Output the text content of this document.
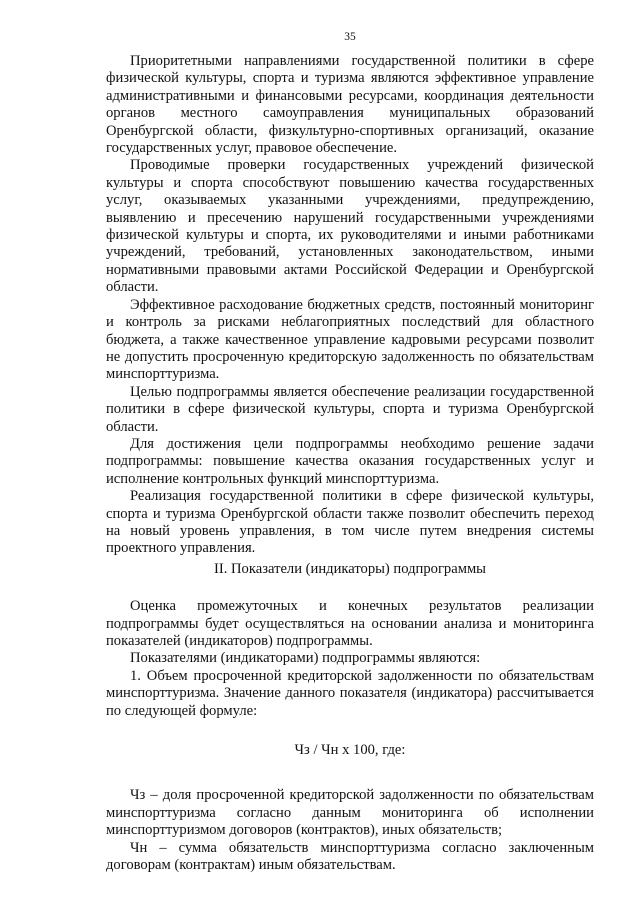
35

Приоритетными направлениями государственной политики в сфере физической культуры, спорта и туризма являются эффективное управление административными и финансовыми ресурсами, координация деятельности органов местного самоуправления муниципальных образований Оренбургской области, физкультурно-спортивных организаций, оказание государственных услуг, правовое обеспечение.

Проводимые проверки государственных учреждений физической культуры и спорта способствуют повышению качества государственных услуг, оказываемых указанными учреждениями, предупреждению, выявлению и пресечению нарушений государственными учреждениями физической культуры и спорта, их руководителями и иными работниками учреждений, требований, установленных законодательством, иными нормативными правовыми актами Российской Федерации и Оренбургской области.

Эффективное расходование бюджетных средств, постоянный мониторинг и контроль за рисками неблагоприятных последствий для областного бюджета, а также качественное управление кадровыми ресурсами позволит не допустить просроченную кредиторскую задолженность по обязательствам минспорттуризма.

Целью подпрограммы является обеспечение реализации государственной политики в сфере физической культуры, спорта и туризма Оренбургской области.

Для достижения цели подпрограммы необходимо решение задачи подпрограммы: повышение качества оказания государственных услуг и исполнение контрольных функций минспорттуризма.

Реализация государственной политики в сфере физической культуры, спорта и туризма Оренбургской области также позволит обеспечить переход на новый уровень управления, в том числе путем внедрения системы проектного управления.

II. Показатели (индикаторы) подпрограммы

Оценка промежуточных и конечных результатов реализации подпрограммы будет осуществляться на основании анализа и мониторинга показателей (индикаторов) подпрограммы.

Показателями (индикаторами) подпрограммы являются:

1. Объем просроченной кредиторской задолженности по обязательствам минспорттуризма. Значение данного показателя (индикатора) рассчитывается по следующей формуле:

Чз / Чн х 100, где:

Чз – доля просроченной кредиторской задолженности по обязательствам минспорттуризма согласно данным мониторинга об исполнении минспорттуризмом договоров (контрактов), иных обязательств;

Чн – сумма обязательств минспорттуризма согласно заключенным договорам (контрактам) иным обязательствам.
